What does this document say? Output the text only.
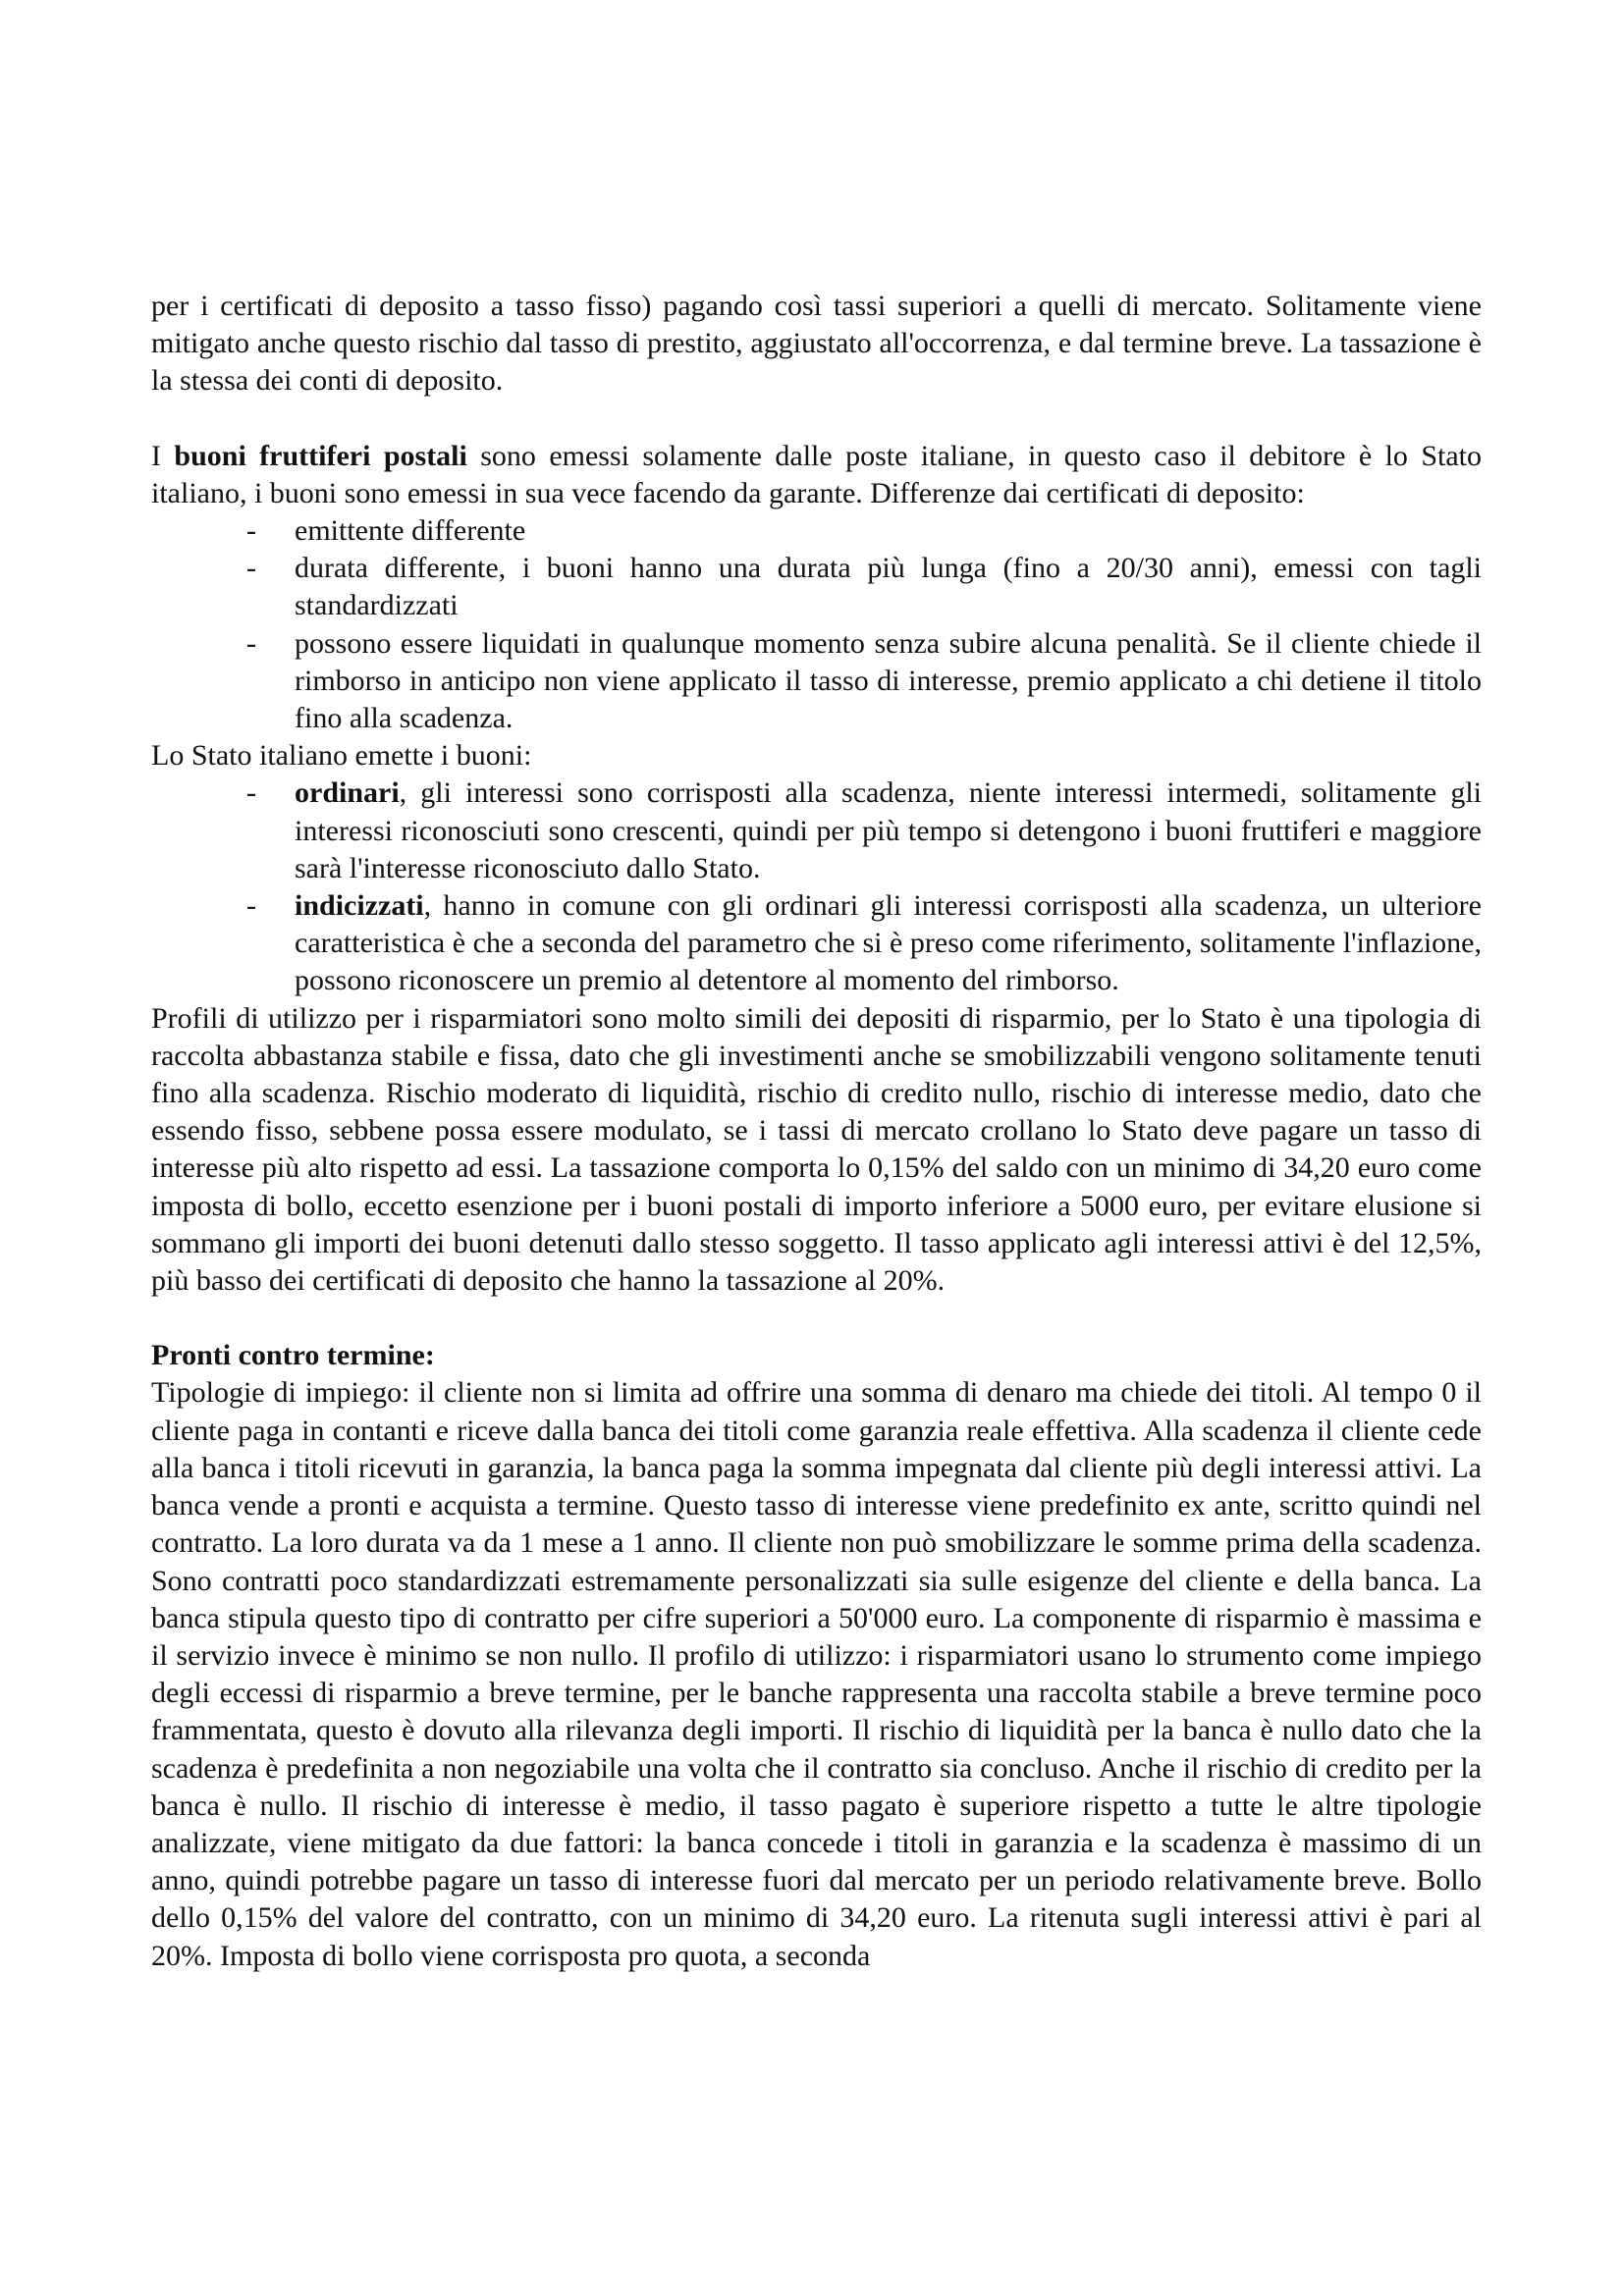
per i certificati di deposito a tasso fisso) pagando così tassi superiori a quelli di mercato. Solitamente viene mitigato anche questo rischio dal tasso di prestito, aggiustato all'occorrenza, e dal termine breve. La tassazione è la stessa dei conti di deposito.

I buoni fruttiferi postali sono emessi solamente dalle poste italiane, in questo caso il debitore è lo Stato italiano, i buoni sono emessi in sua vece facendo da garante. Differenze dai certificati di deposito:

- emittente differente
- durata differente, i buoni hanno una durata più lunga (fino a 20/30 anni), emessi con tagli standardizzati
- possono essere liquidati in qualunque momento senza subire alcuna penalità. Se il cliente chiede il rimborso in anticipo non viene applicato il tasso di interesse, premio applicato a chi detiene il titolo fino alla scadenza.

Lo Stato italiano emette i buoni:

- ordinari, gli interessi sono corrisposti alla scadenza, niente interessi intermedi, solitamente gli interessi riconosciuti sono crescenti, quindi per più tempo si detengono i buoni fruttiferi e maggiore sarà l'interesse riconosciuto dallo Stato.
- indicizzati, hanno in comune con gli ordinari gli interessi corrisposti alla scadenza, un ulteriore caratteristica è che a seconda del parametro che si è preso come riferimento, solitamente l'inflazione, possono riconoscere un premio al detentore al momento del rimborso.

Profili di utilizzo per i risparmiatori sono molto simili dei depositi di risparmio, per lo Stato è una tipologia di raccolta abbastanza stabile e fissa, dato che gli investimenti anche se smobilizzabili vengono solitamente tenuti fino alla scadenza. Rischio moderato di liquidità, rischio di credito nullo, rischio di interesse medio, dato che essendo fisso, sebbene possa essere modulato, se i tassi di mercato crollano lo Stato deve pagare un tasso di interesse più alto rispetto ad essi. La tassazione comporta lo 0,15% del saldo con un minimo di 34,20 euro come imposta di bollo, eccetto esenzione per i buoni postali di importo inferiore a 5000 euro, per evitare elusione si sommano gli importi dei buoni detenuti dallo stesso soggetto. Il tasso applicato agli interessi attivi è del 12,5%, più basso dei certificati di deposito che hanno la tassazione al 20%.

Pronti contro termine:

Tipologie di impiego: il cliente non si limita ad offrire una somma di denaro ma chiede dei titoli. Al tempo 0 il cliente paga in contanti e riceve dalla banca dei titoli come garanzia reale effettiva. Alla scadenza il cliente cede alla banca i titoli ricevuti in garanzia, la banca paga la somma impegnata dal cliente più degli interessi attivi. La banca vende a pronti e acquista a termine. Questo tasso di interesse viene predefinito ex ante, scritto quindi nel contratto. La loro durata va da 1 mese a 1 anno. Il cliente non può smobilizzare le somme prima della scadenza. Sono contratti poco standardizzati estremamente personalizzati sia sulle esigenze del cliente e della banca. La banca stipula questo tipo di contratto per cifre superiori a 50'000 euro. La componente di risparmio è massima e il servizio invece è minimo se non nullo. Il profilo di utilizzo: i risparmiatori usano lo strumento come impiego degli eccessi di risparmio a breve termine, per le banche rappresenta una raccolta stabile a breve termine poco frammentata, questo è dovuto alla rilevanza degli importi. Il rischio di liquidità per la banca è nullo dato che la scadenza è predefinita a non negoziabile una volta che il contratto sia concluso. Anche il rischio di credito per la banca è nullo. Il rischio di interesse è medio, il tasso pagato è superiore rispetto a tutte le altre tipologie analizzate, viene mitigato da due fattori: la banca concede i titoli in garanzia e la scadenza è massimo di un anno, quindi potrebbe pagare un tasso di interesse fuori dal mercato per un periodo relativamente breve. Bollo dello 0,15% del valore del contratto, con un minimo di 34,20 euro. La ritenuta sugli interessi attivi è pari al 20%. Imposta di bollo viene corrisposta pro quota, a seconda
